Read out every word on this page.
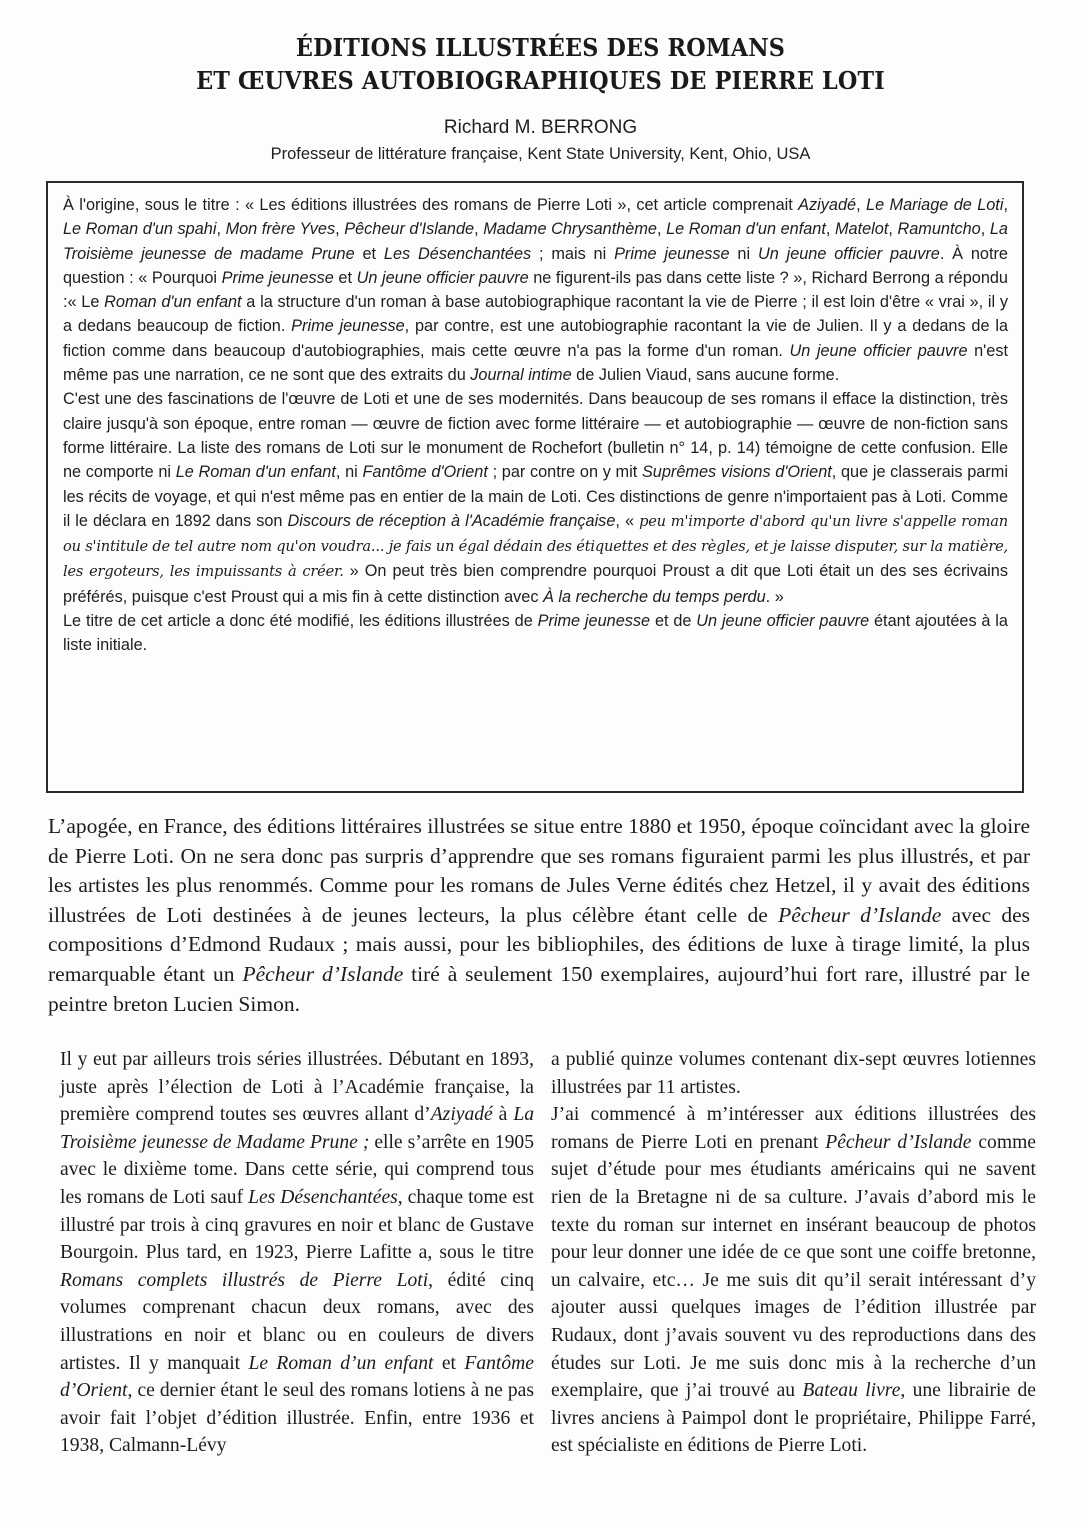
ÉDITIONS ILLUSTRÉES DES ROMANS
ET ŒUVRES AUTOBIOGRAPHIQUES DE PIERRE LOTI
Richard M. BERRONG
Professeur de littérature française, Kent State University, Kent, Ohio, USA

À l'origine, sous le titre : « Les éditions illustrées des romans de Pierre Loti », cet article comprenait Aziyadé, Le Mariage de Loti, Le Roman d'un spahi, Mon frère Yves, Pêcheur d'Islande, Madame Chrysanthème, Le Roman d'un enfant, Matelot, Ramuntcho, La Troisième jeunesse de madame Prune et Les Désenchantées ; mais ni Prime jeunesse ni Un jeune officier pauvre. À notre question : « Pourquoi Prime jeunesse et Un jeune officier pauvre ne figurent-ils pas dans cette liste ? », Richard Berrong a répondu :« Le Roman d'un enfant a la structure d'un roman à base autobiographique racontant la vie de Pierre ; il est loin d'être « vrai », il y a dedans beaucoup de fiction. Prime jeunesse, par contre, est une autobiographie racontant la vie de Julien. Il y a dedans de la fiction comme dans beaucoup d'autobiographies, mais cette œuvre n'a pas la forme d'un roman. Un jeune officier pauvre n'est même pas une narration, ce ne sont que des extraits du Journal intime de Julien Viaud, sans aucune forme.

C'est une des fascinations de l'œuvre de Loti et une de ses modernités. Dans beaucoup de ses romans il efface la distinction, très claire jusqu'à son époque, entre roman — œuvre de fiction avec forme littéraire — et autobiographie — œuvre de non-fiction sans forme littéraire. La liste des romans de Loti sur le monument de Rochefort (bulletin n° 14, p. 14) témoigne de cette confusion. Elle ne comporte ni Le Roman d'un enfant, ni Fantôme d'Orient ; par contre on y mit Suprêmes visions d'Orient, que je classerais parmi les récits de voyage, et qui n'est même pas en entier de la main de Loti. Ces distinctions de genre n'importaient pas à Loti. Comme il le déclara en 1892 dans son Discours de réception à l'Académie française, « peu m'importe d'abord qu'un livre s'appelle roman ou s'intitule de tel autre nom qu'on voudra... je fais un égal dédain des étiquettes et des règles, et je laisse disputer, sur la matière, les ergoteurs, les impuissants à créer. » On peut très bien comprendre pourquoi Proust a dit que Loti était un des ses écrivains préférés, puisque c'est Proust qui a mis fin à cette distinction avec À la recherche du temps perdu. »

Le titre de cet article a donc été modifié, les éditions illustrées de Prime jeunesse et de Un jeune officier pauvre étant ajoutées à la liste initiale.

L’apogée, en France, des éditions littéraires illustrées se situe entre 1880 et 1950, époque coïncidant avec la gloire de Pierre Loti. On ne sera donc pas surpris d’apprendre que ses romans figuraient parmi les plus illustrés, et par les artistes les plus renommés. Comme pour les romans de Jules Verne édités chez Hetzel, il y avait des éditions illustrées de Loti destinées à de jeunes lecteurs, la plus célèbre étant celle de Pêcheur d’Islande avec des compositions d’Edmond Rudaux ; mais aussi, pour les bibliophiles, des éditions de luxe à tirage limité, la plus remarquable étant un Pêcheur d’Islande tiré à seulement 150 exemplaires, aujourd’hui fort rare, illustré par le peintre breton Lucien Simon.

Il y eut par ailleurs trois séries illustrées. Débutant en 1893, juste après l’élection de Loti à l’Académie française, la première comprend toutes ses œuvres allant d’Aziyadé à La Troisième jeunesse de Madame Prune ; elle s’arrête en 1905 avec le dixième tome. Dans cette série, qui comprend tous les romans de Loti sauf Les Désenchantées, chaque tome est illustré par trois à cinq gravures en noir et blanc de Gustave Bourgoin. Plus tard, en 1923, Pierre Lafitte a, sous le titre Romans complets illustrés de Pierre Loti, édité cinq volumes comprenant chacun deux romans, avec des illustrations en noir et blanc ou en couleurs de divers artistes. Il y manquait Le Roman d’un enfant et Fantôme d’Orient, ce dernier étant le seul des romans lotiens à ne pas avoir fait l’objet d’édition illustrée. Enfin, entre 1936 et 1938, Calmann-Lévy

a publié quinze volumes contenant dix-sept œuvres lotiennes illustrées par 11 artistes.

J’ai commencé à m’intéresser aux éditions illustrées des romans de Pierre Loti en prenant Pêcheur d’Islande comme sujet d’étude pour mes étudiants américains qui ne savent rien de la Bretagne ni de sa culture. J’avais d’abord mis le texte du roman sur internet en insérant beaucoup de photos pour leur donner une idée de ce que sont une coiffe bretonne, un calvaire, etc… Je me suis dit qu’il serait intéressant d’y ajouter aussi quelques images de l’édition illustrée par Rudaux, dont j’avais souvent vu des reproductions dans des études sur Loti. Je me suis donc mis à la recherche d’un exemplaire, que j’ai trouvé au Bateau livre, une librairie de livres anciens à Paimpol dont le propriétaire, Philippe Farré, est spécialiste en éditions de Pierre Loti.
